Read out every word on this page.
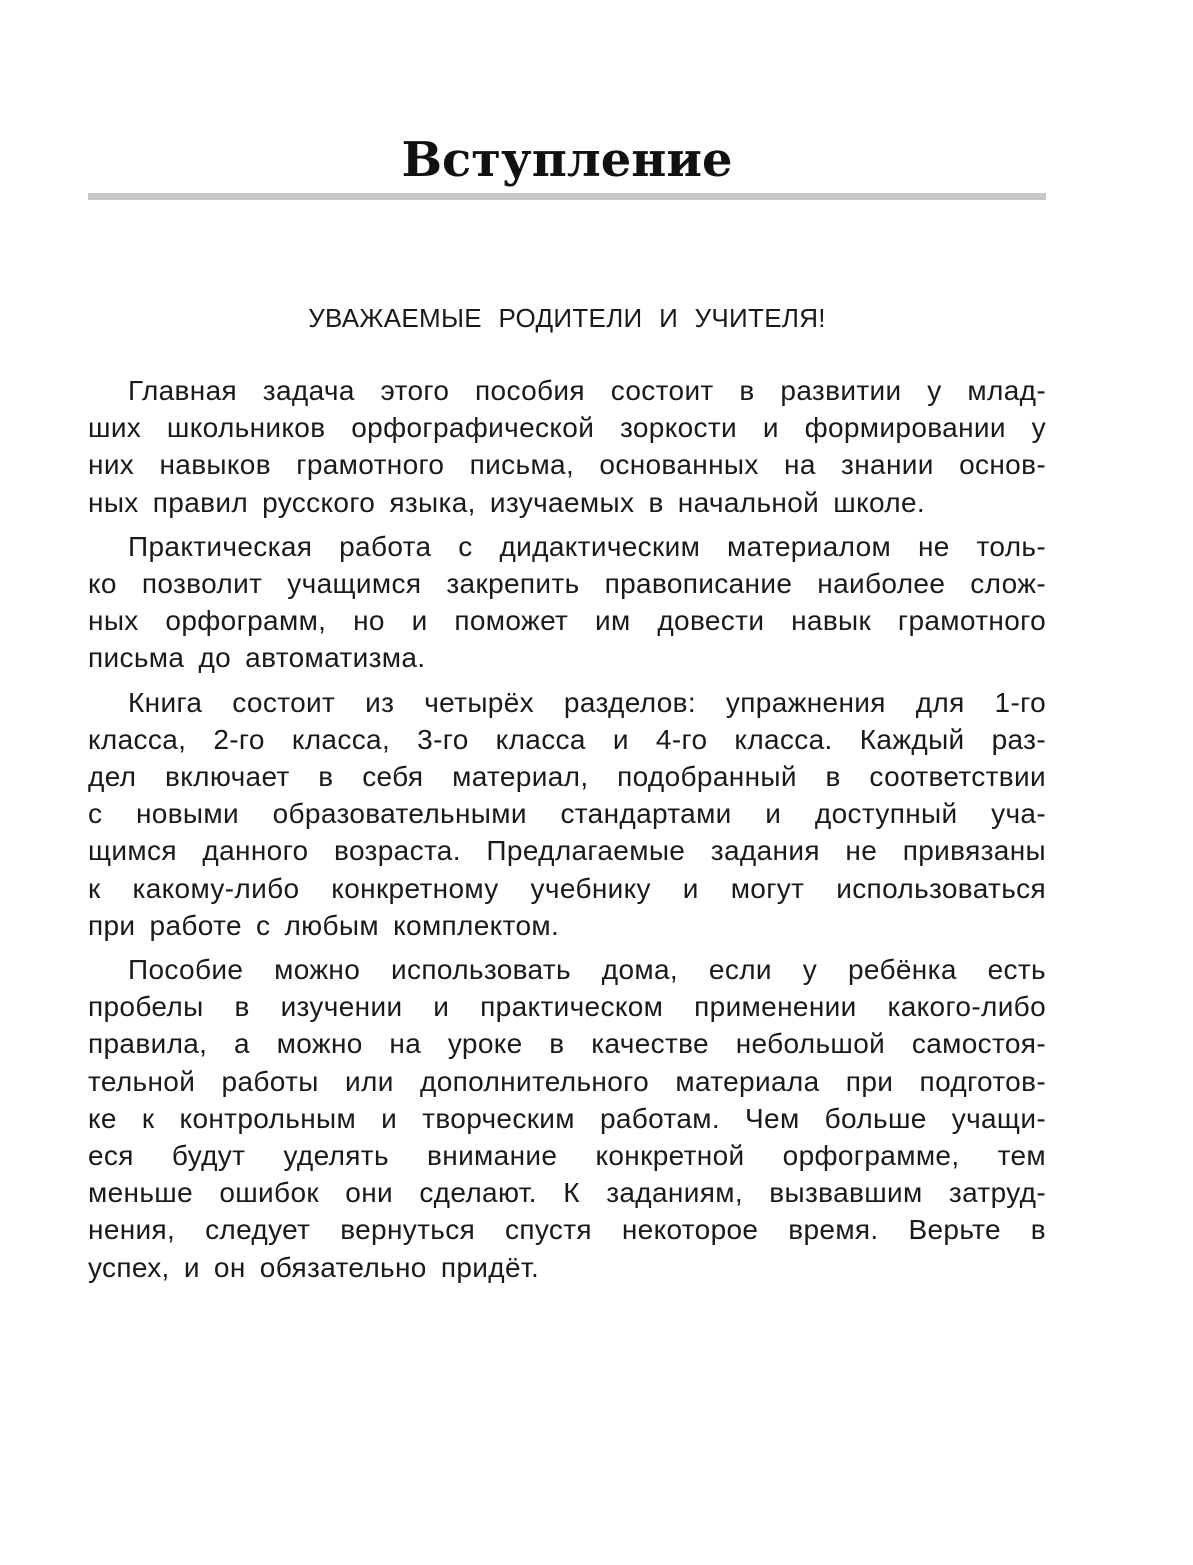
Вступление

УВАЖАЕМЫЕ РОДИТЕЛИ И УЧИТЕЛЯ!

Главная задача этого пособия состоит в развитии у млад-
ших школьников орфографической зоркости и формировании у
них навыков грамотного письма, основанных на знании основ-
ных правил русского языка, изучаемых в начальной школе.

Практическая работа с дидактическим материалом не толь-
ко позволит учащимся закрепить правописание наиболее слож-
ных орфограмм, но и поможет им довести навык грамотного
письма до автоматизма.

Книга состоит из четырёх разделов: упражнения для 1-го
класса, 2-го класса, 3-го класса и 4-го класса. Каждый раз-
дел включает в себя материал, подобранный в соответствии
с новыми образовательными стандартами и доступный уча-
щимся данного возраста. Предлагаемые задания не привязаны
к какому-либо конкретному учебнику и могут использоваться
при работе с любым комплектом.

Пособие можно использовать дома, если у ребёнка есть
пробелы в изучении и практическом применении какого-либо
правила, а можно на уроке в качестве небольшой самостоя-
тельной работы или дополнительного материала при подготов-
ке к контрольным и творческим работам. Чем больше учащи-
еся будут уделять внимание конкретной орфограмме, тем
меньше ошибок они сделают. К заданиям, вызвавшим затруд-
нения, следует вернуться спустя некоторое время. Верьте в
успех, и он обязательно придёт.
